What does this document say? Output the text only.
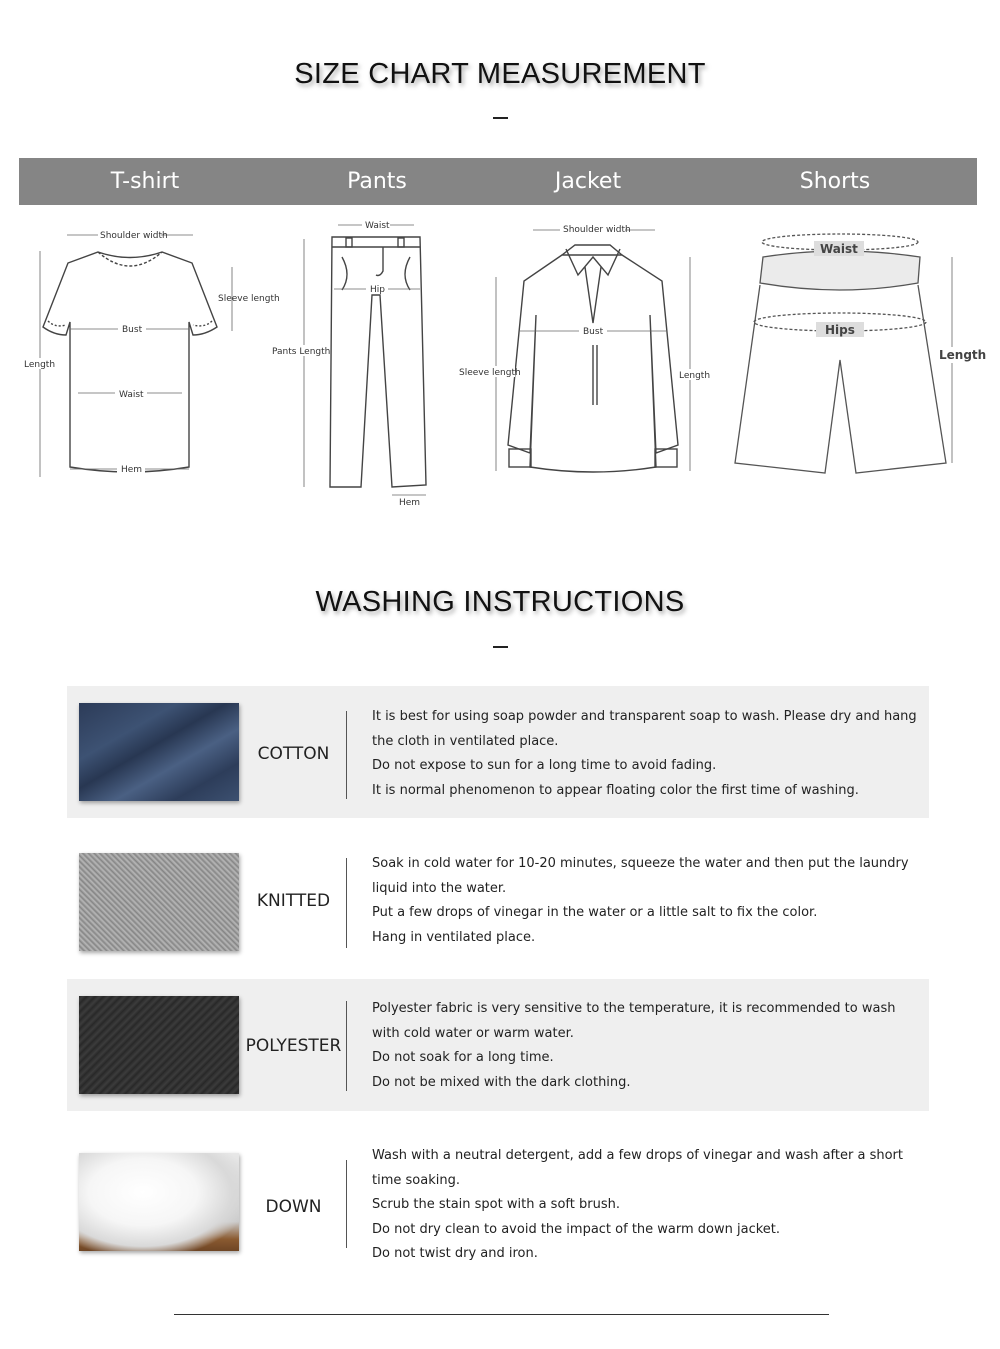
SIZE CHART MEASUREMENT
T-shirt	Pants	Jacket	Shorts
Shoulder width
Sleeve length
Bust
Length
Waist
Hem
Waist
Hip
Pants Length
Hem
Shoulder width
Bust
Sleeve length	Length
Waist
Hips
Length
WASHING INSTRUCTIONS
COTTON

It is best for using soap powder and transparent soap to wash. Please dry and hang the cloth in ventilated place.

Do not expose to sun for a long time to avoid fading.

It is normal phenomenon to appear floating color the first time of washing.

KNITTED

Soak in cold water for 10-20 minutes, squeeze the water and then put the laundry liquid into the water.

Put a few drops of vinegar in the water or a little salt to fix the color.

Hang in ventilated place.

POLYESTER

Polyester fabric is very sensitive to the temperature, it is recommended to wash with cold water or warm water.

Do not soak for a long time.

Do not be mixed with the dark clothing.

DOWN

Wash with a neutral detergent, add a few drops of vinegar and wash after a short time soaking.

Scrub the stain spot with a soft brush.

Do not dry clean to avoid the impact of the warm down jacket.

Do not twist dry and iron.
